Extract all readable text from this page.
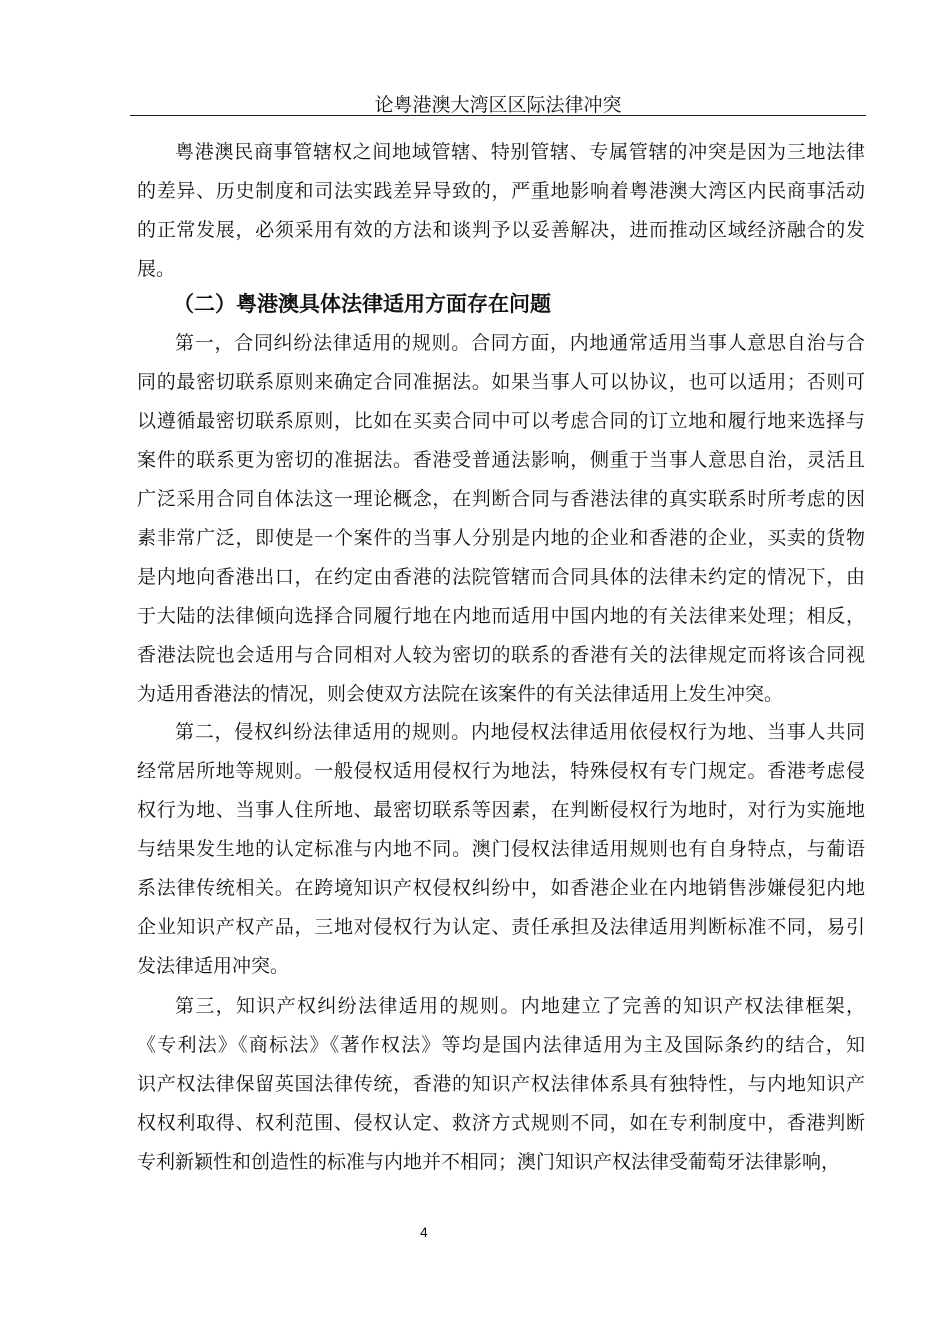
论粤港澳大湾区区际法律冲突
粤港澳民商事管辖权之间地域管辖、特别管辖、专属管辖的冲突是因为三地法律
的差异、历史制度和司法实践差异导致的，严重地影响着粤港澳大湾区内民商事活动
的正常发展，必须采用有效的方法和谈判予以妥善解决，进而推动区域经济融合的发
展。
第一，合同纠纷法律适用的规则。合同方面，内地通常适用当事人意思自治与合
同的最密切联系原则来确定合同准据法。如果当事人可以协议，也可以适用；否则可
以遵循最密切联系原则，比如在买卖合同中可以考虑合同的订立地和履行地来选择与
案件的联系更为密切的准据法。香港受普通法影响，侧重于当事人意思自治，灵活且
广泛采用合同自体法这一理论概念，在判断合同与香港法律的真实联系时所考虑的因
素非常广泛，即使是一个案件的当事人分别是内地的企业和香港的企业，买卖的货物
是内地向香港出口，在约定由香港的法院管辖而合同具体的法律未约定的情况下，由
于大陆的法律倾向选择合同履行地在内地而适用中国内地的有关法律来处理；相反，
香港法院也会适用与合同相对人较为密切的联系的香港有关的法律规定而将该合同视
为适用香港法的情况，则会使双方法院在该案件的有关法律适用上发生冲突。
第二，侵权纠纷法律适用的规则。内地侵权法律适用依侵权行为地、当事人共同
经常居所地等规则。一般侵权适用侵权行为地法，特殊侵权有专门规定。香港考虑侵
权行为地、当事人住所地、最密切联系等因素，在判断侵权行为地时，对行为实施地
与结果发生地的认定标准与内地不同。澳门侵权法律适用规则也有自身特点，与葡语
系法律传统相关。在跨境知识产权侵权纠纷中，如香港企业在内地销售涉嫌侵犯内地
企业知识产权产品，三地对侵权行为认定、责任承担及法律适用判断标准不同，易引
发法律适用冲突。
第三，知识产权纠纷法律适用的规则。内地建立了完善的知识产权法律框架，
《专利法》《商标法》《著作权法》等均是国内法律适用为主及国际条约的结合，知
识产权法律保留英国法律传统，香港的知识产权法律体系具有独特性，与内地知识产
权权利取得、权利范围、侵权认定、救济方式规则不同，如在专利制度中，香港判断
专利新颖性和创造性的标准与内地并不相同；澳门知识产权法律受葡萄牙法律影响，
（二）粤港澳具体法律适用方面存在问题
4
